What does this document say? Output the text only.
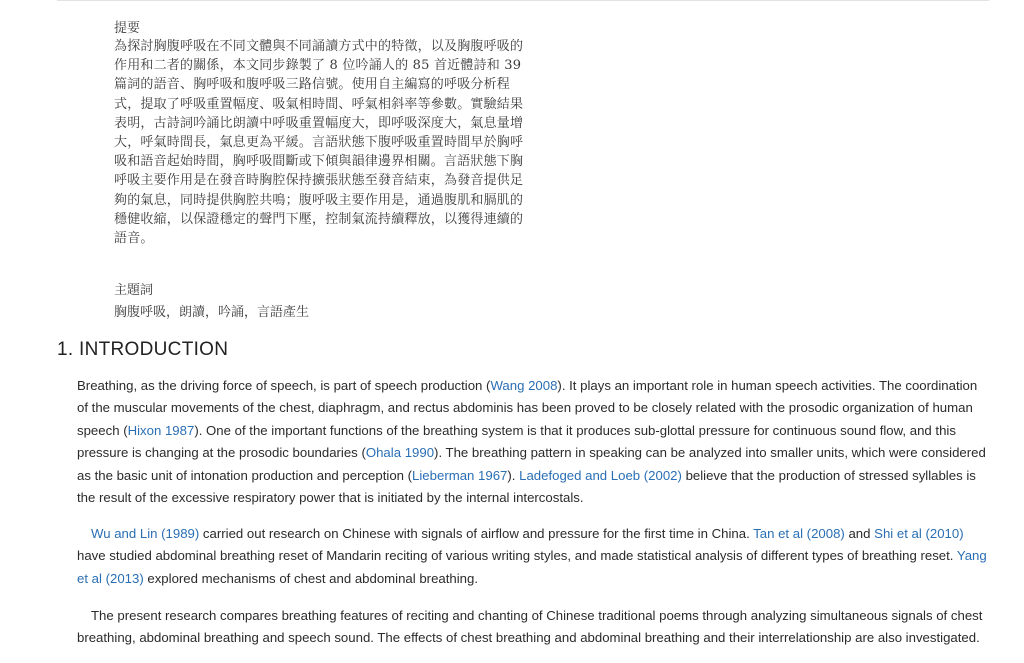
提要

為探討胸腹呼吸在不同文體與不同誦讀方式中的特徵，以及胸腹呼吸的作用和二者的關係，本文同步錄製了 8 位吟誦人的 85 首近體詩和 39 篇詞的語音、胸呼吸和腹呼吸三路信號。使用自主編寫的呼吸分析程式，提取了呼吸重置幅度、吸氣相時間、呼氣相斜率等參數。實驗結果表明，古詩詞吟誦比朗讀中呼吸重置幅度大，即呼吸深度大，氣息量增大，呼氣時間長，氣息更為平緩。言語狀態下腹呼吸重置時間早於胸呼吸和語音起始時間，胸呼吸間斷或下傾與韻律邊界相關。言語狀態下胸呼吸主要作用是在發音時胸腔保持擴張狀態至發音結束，為發音提供足夠的氣息，同時提供胸腔共鳴；腹呼吸主要作用是，通過腹肌和膈肌的穩健收縮，以保證穩定的聲門下壓，控制氣流持續釋放，以獲得連續的語音。

主題詞
胸腹呼吸，朗讀，吟誦，言語產生
1. INTRODUCTION

Breathing, as the driving force of speech, is part of speech production (Wang 2008). It plays an important role in human speech activities. The coordination of the muscular movements of the chest, diaphragm, and rectus abdominis has been proved to be closely related with the prosodic organization of human speech (Hixon 1987). One of the important functions of the breathing system is that it produces sub-glottal pressure for continuous sound flow, and this pressure is changing at the prosodic boundaries (Ohala 1990). The breathing pattern in speaking can be analyzed into smaller units, which were considered as the basic unit of intonation production and perception (Lieberman 1967). Ladefoged and Loeb (2002) believe that the production of stressed syllables is the result of the excessive respiratory power that is initiated by the internal intercostals.

Wu and Lin (1989) carried out research on Chinese with signals of airflow and pressure for the first time in China. Tan et al (2008) and Shi et al (2010) have studied abdominal breathing reset of Mandarin reciting of various writing styles, and made statistical analysis of different types of breathing reset. Yang et al (2013) explored mechanisms of chest and abdominal breathing.

The present research compares breathing features of reciting and chanting of Chinese traditional poems through analyzing simultaneous signals of chest breathing, abdominal breathing and speech sound. The effects of chest breathing and abdominal breathing and their interrelationship are also investigated.
